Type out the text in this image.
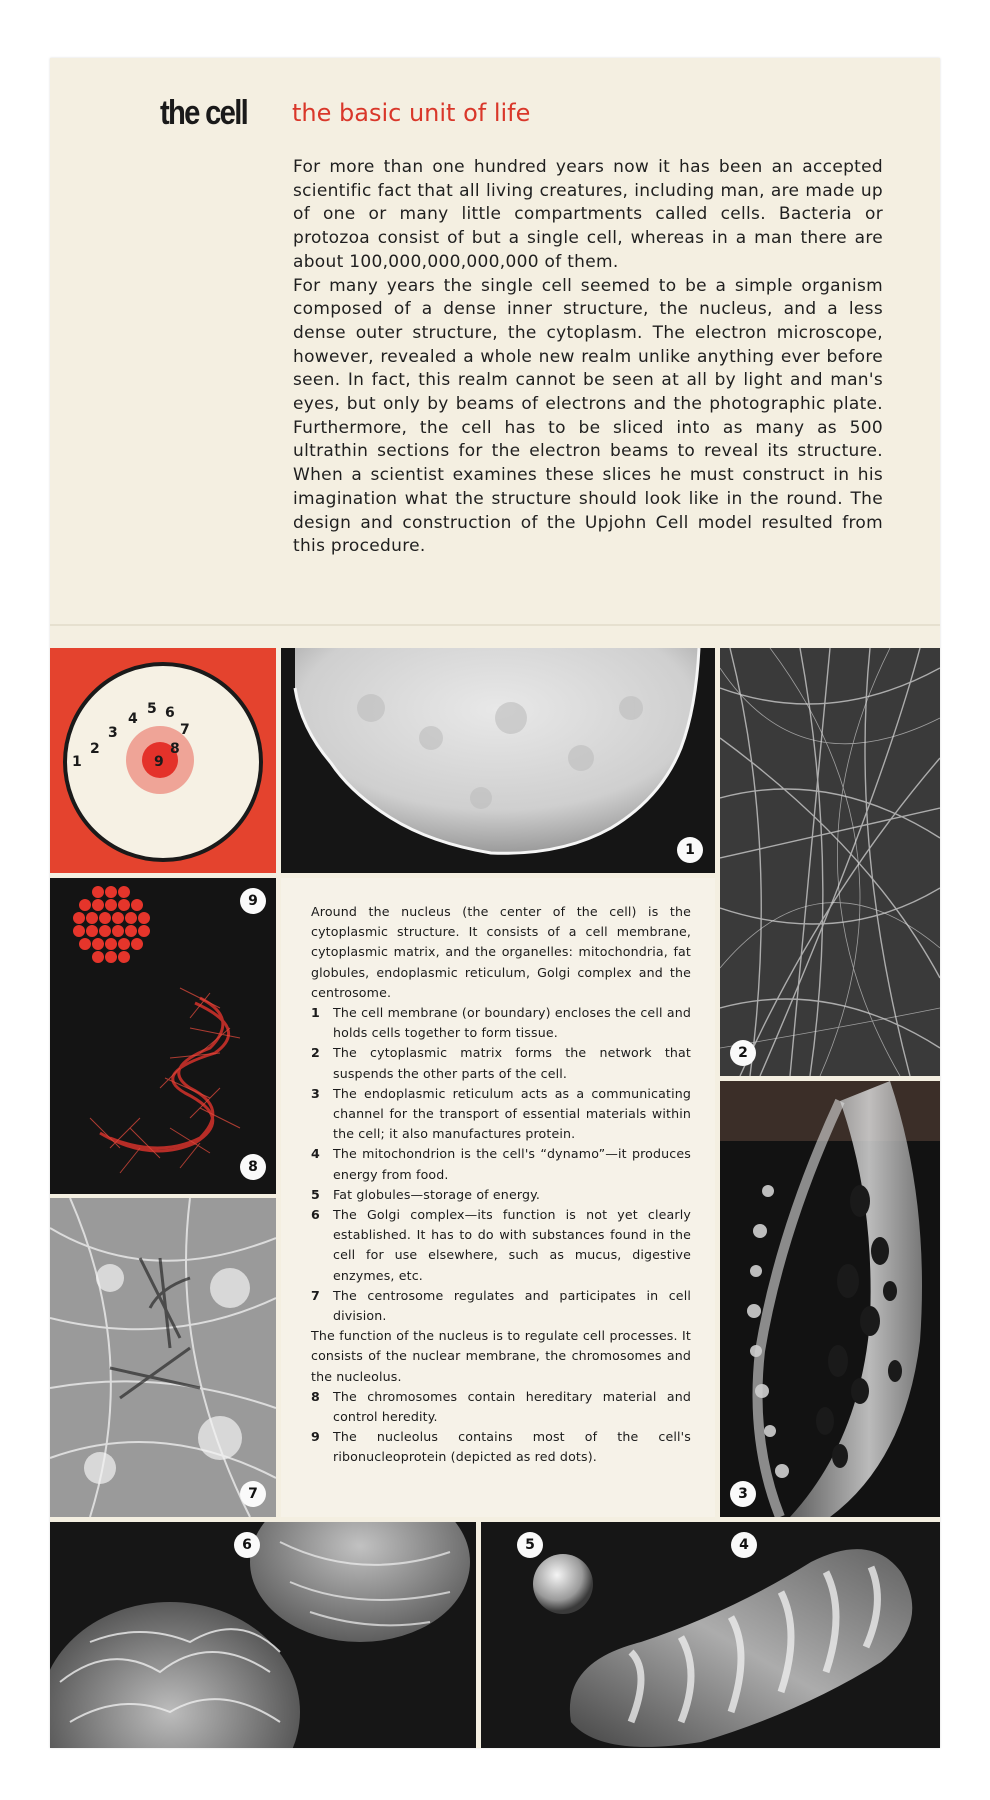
the cell the basic unit of life

For more than one hundred years now it has been an accepted scientific fact that all living creatures, including man, are made up of one or many little compartments called cells. Bacteria or protozoa consist of but a single cell, whereas in a man there are about 100,000,000,000,000 of them.

For many years the single cell seemed to be a simple organism composed of a dense inner structure, the nucleus, and a less dense outer structure, the cytoplasm. The electron microscope, however, revealed a whole new realm unlike anything ever before seen. In fact, this realm cannot be seen at all by light and man's eyes, but only by beams of electrons and the photographic plate. Furthermore, the cell has to be sliced into as many as 500 ultrathin sections for the electron beams to reveal its structure. When a scientist examines these slices he must construct in his imagination what the structure should look like in the round. The design and construction of the Upjohn Cell model resulted from this procedure.

1
2
3
4
5 6
7
8
9
1
2
9
8

Around the nucleus (the center of the cell) is the cytoplasmic structure. It consists of a cell membrane, cytoplasmic matrix, and the organelles: mitochondria, fat globules, endoplasmic reticulum, Golgi complex and the centrosome.

1 The cell membrane (or boundary) encloses the cell and holds cells together to form tissue.
2 The cytoplasmic matrix forms the network that suspends the other parts of the cell.
3 The endoplasmic reticulum acts as a communicating channel for the transport of essential materials within the cell; it also manufactures protein.
4 The mitochondrion is the cell's “dynamo”—it produces energy from food.
5 Fat globules—storage of energy.
6 The Golgi complex—its function is not yet clearly established. It has to do with substances found in the cell for use elsewhere, such as mucus, digestive enzymes, etc.
7 The centrosome regulates and participates in cell division.

The function of the nucleus is to regulate cell processes. It consists of the nuclear membrane, the chromosomes and the nucleolus.

8 The chromosomes contain hereditary material and control heredity.
9 The nucleolus contains most of the cell's ribonucleoprotein (depicted as red dots).
3
7
6	5	4
